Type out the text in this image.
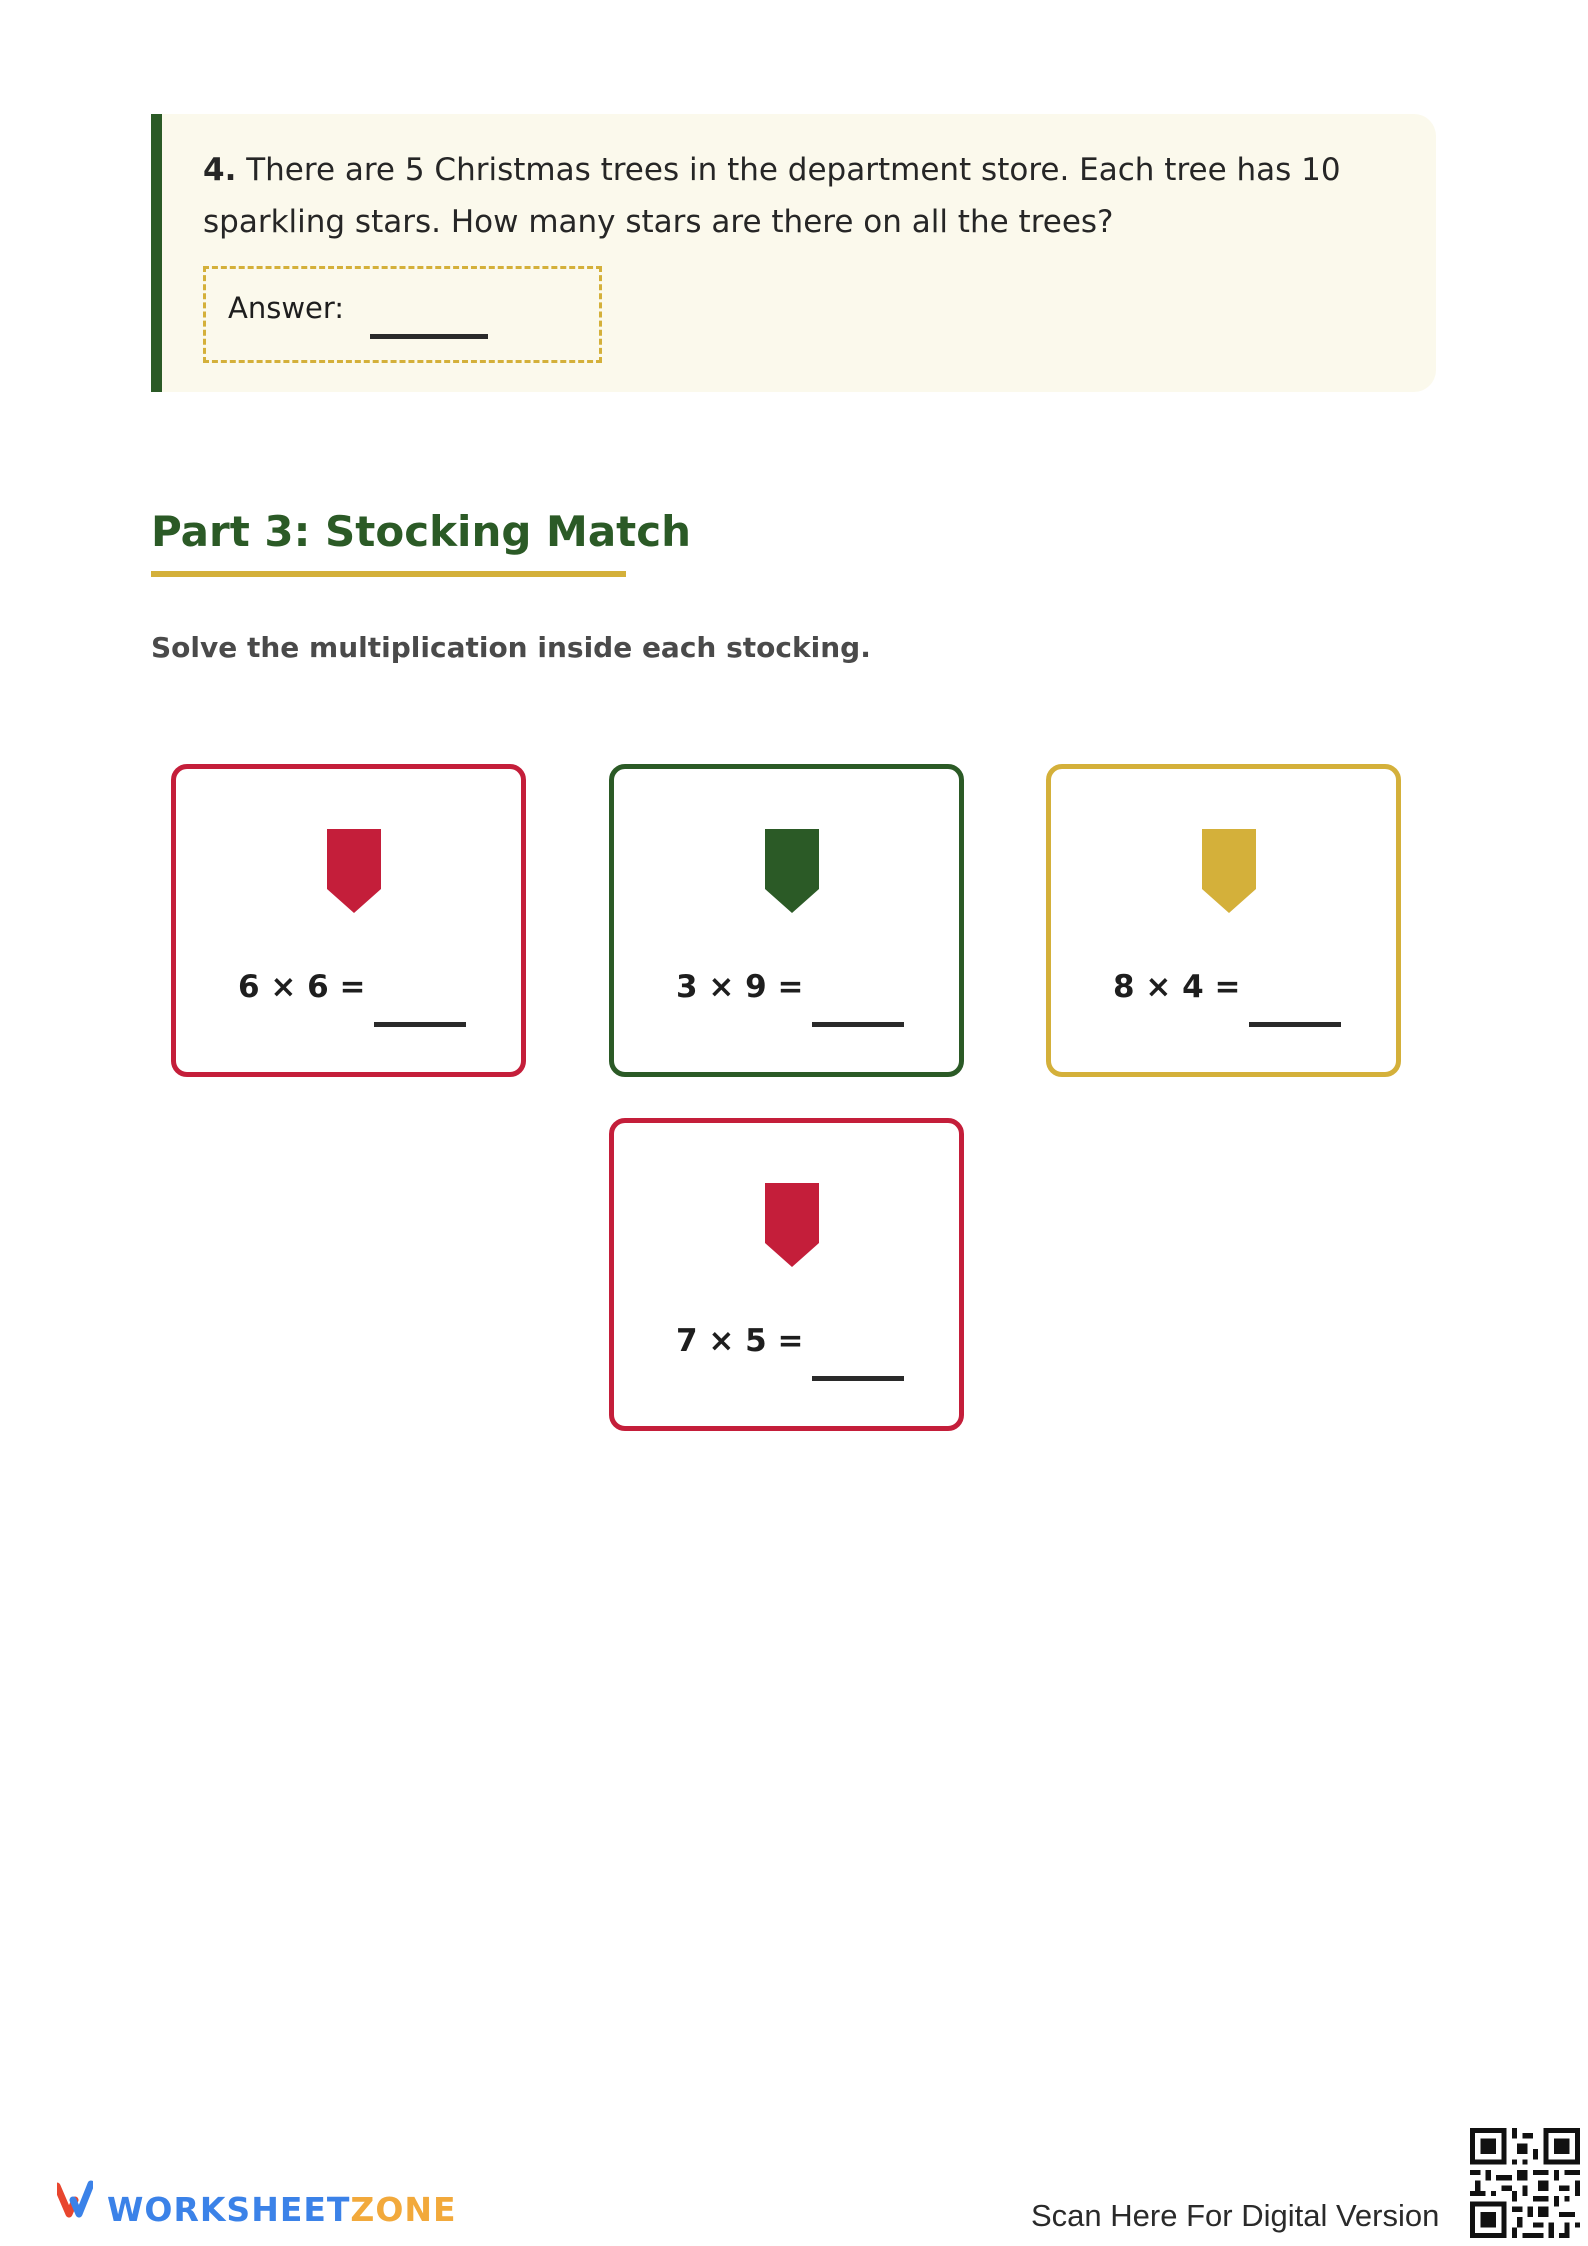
4. There are 5 Christmas trees in the department store. Each tree has 10 sparkling stars. How many stars are there on all the trees?
Answer:
Part 3: Stocking Match
Solve the multiplication inside each stocking.
6 × 6 =	3 × 9 =	8 × 4 =
7 × 5 =
WORKSHEETZONE	Scan Here For Digital Version
